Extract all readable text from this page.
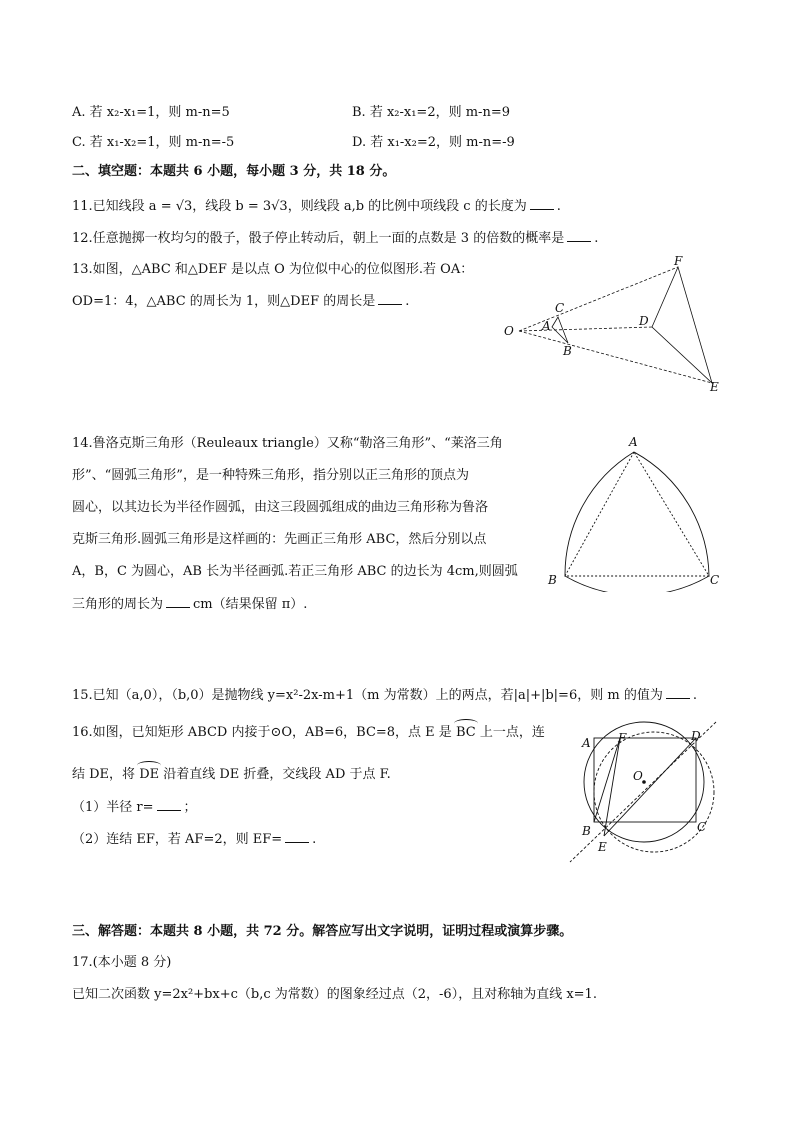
A. 若 x₂-x₁=1，则 m-n=5	B. 若 x₂-x₁=2，则 m-n=9
C. 若 x₁-x₂=1，则 m-n=-5	D. 若 x₁-x₂=2，则 m-n=-9
二、填空题：本题共 6 小题，每小题 3 分，共 18 分。
11.已知线段 a = √3，线段 b = 3√3，则线段 a,b 的比例中项线段 c 的长度为 .
12.任意抛掷一枚均匀的骰子，骰子停止转动后，朝上一面的点数是 3 的倍数的概率是 .
13.如图，△ABC 和△DEF 是以点 O 为位似中心的位似图形.若 OA：
OD=1：4，△ABC 的周长为 1，则△DEF 的周长是 .
O A
C
B
D
F
E
14.鲁洛克斯三角形（Reuleaux triangle）又称“勒洛三角形”、“莱洛三角
形”、“圆弧三角形”，是一种特殊三角形，指分别以正三角形的顶点为
圆心，以其边长为半径作圆弧，由这三段圆弧组成的曲边三角形称为鲁洛
克斯三角形.圆弧三角形是这样画的：先画正三角形 ABC，然后分别以点
A，B，C 为圆心，AB 长为半径画弧.若正三角形 ABC 的边长为 4cm,则圆弧
三角形的周长为 cm（结果保留 π）.
A
B	C
15.已知（a,0），（b,0）是抛物线 y=x²-2x-m+1（m 为常数）上的两点，若|a|+|b|=6，则 m 的值为 .
16.如图，已知矩形 ABCD 内接于⊙O，AB=6，BC=8，点 E 是 BC 上一点，连
结 DE，将 DE 沿着直线 DE 折叠，交线段 AD 于点 F.
（1）半径 r= ；
（2）连结 EF，若 AF=2，则 EF= .
A F	D
O
B	C
E
三、解答题：本题共 8 小题，共 72 分。解答应写出文字说明，证明过程或演算步骤。
17.(本小题 8 分)
已知二次函数 y=2x²+bx+c（b,c 为常数）的图象经过点（2，-6），且对称轴为直线 x=1.
